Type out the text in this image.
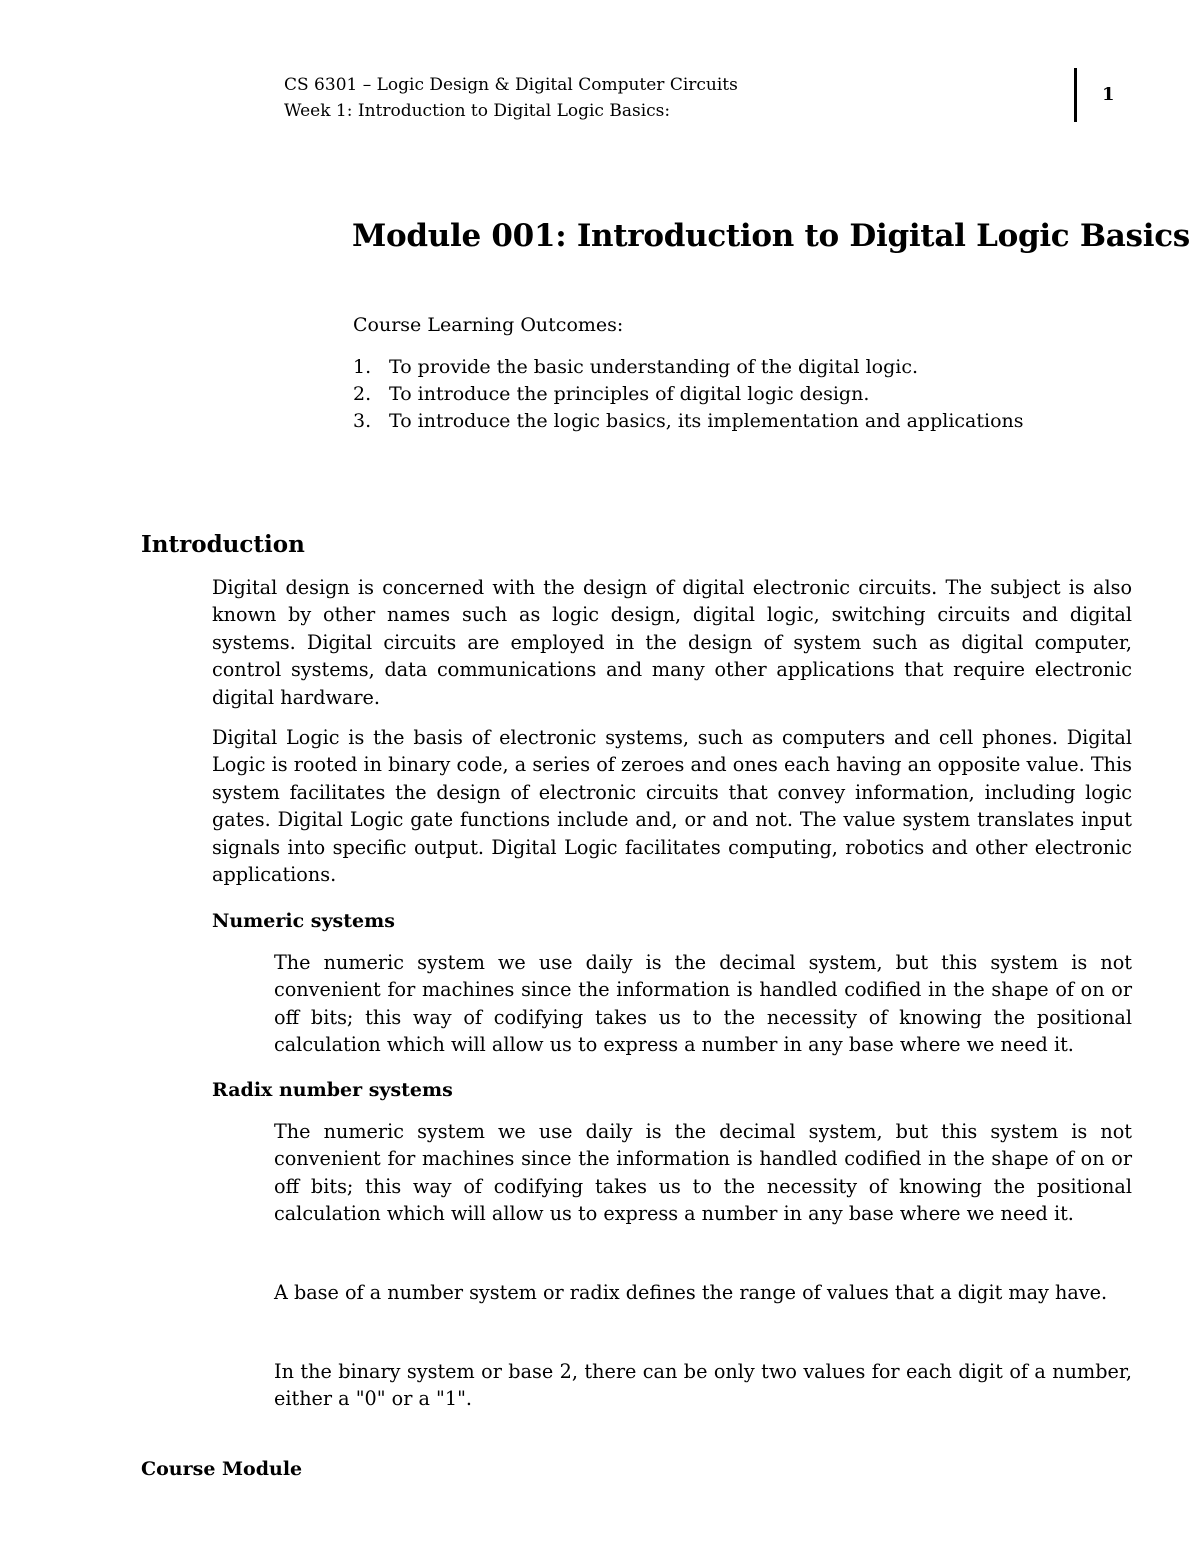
CS 6301 – Logic Design & Digital Computer Circuits
Week 1: Introduction to Digital Logic Basics:
1
Module 001: Introduction to Digital Logic Basics
Course Learning Outcomes:
1. To provide the basic understanding of the digital logic.
2. To introduce the principles of digital logic design.
3. To introduce the logic basics, its implementation and applications
Introduction

Digital design is concerned with the design of digital electronic circuits. The subject is also known by other names such as logic design, digital logic, switching circuits and digital systems. Digital circuits are employed in the design of system such as digital computer, control systems, data communications and many other applications that require electronic digital hardware.

Digital Logic is the basis of electronic systems, such as computers and cell phones. Digital Logic is rooted in binary code, a series of zeroes and ones each having an opposite value. This system facilitates the design of electronic circuits that convey information, including logic gates. Digital Logic gate functions include and, or and not. The value system translates input signals into specific output. Digital Logic facilitates computing, robotics and other electronic applications.

Numeric systems

The numeric system we use daily is the decimal system, but this system is not convenient for machines since the information is handled codified in the shape of on or off bits; this way of codifying takes us to the necessity of knowing the positional calculation which will allow us to express a number in any base where we need it.

Radix number systems

The numeric system we use daily is the decimal system, but this system is not convenient for machines since the information is handled codified in the shape of on or off bits; this way of codifying takes us to the necessity of knowing the positional calculation which will allow us to express a number in any base where we need it.

A base of a number system or radix defines the range of values that a digit may have.

In the binary system or base 2, there can be only two values for each digit of a number, either a "0" or a "1".

Course Module
